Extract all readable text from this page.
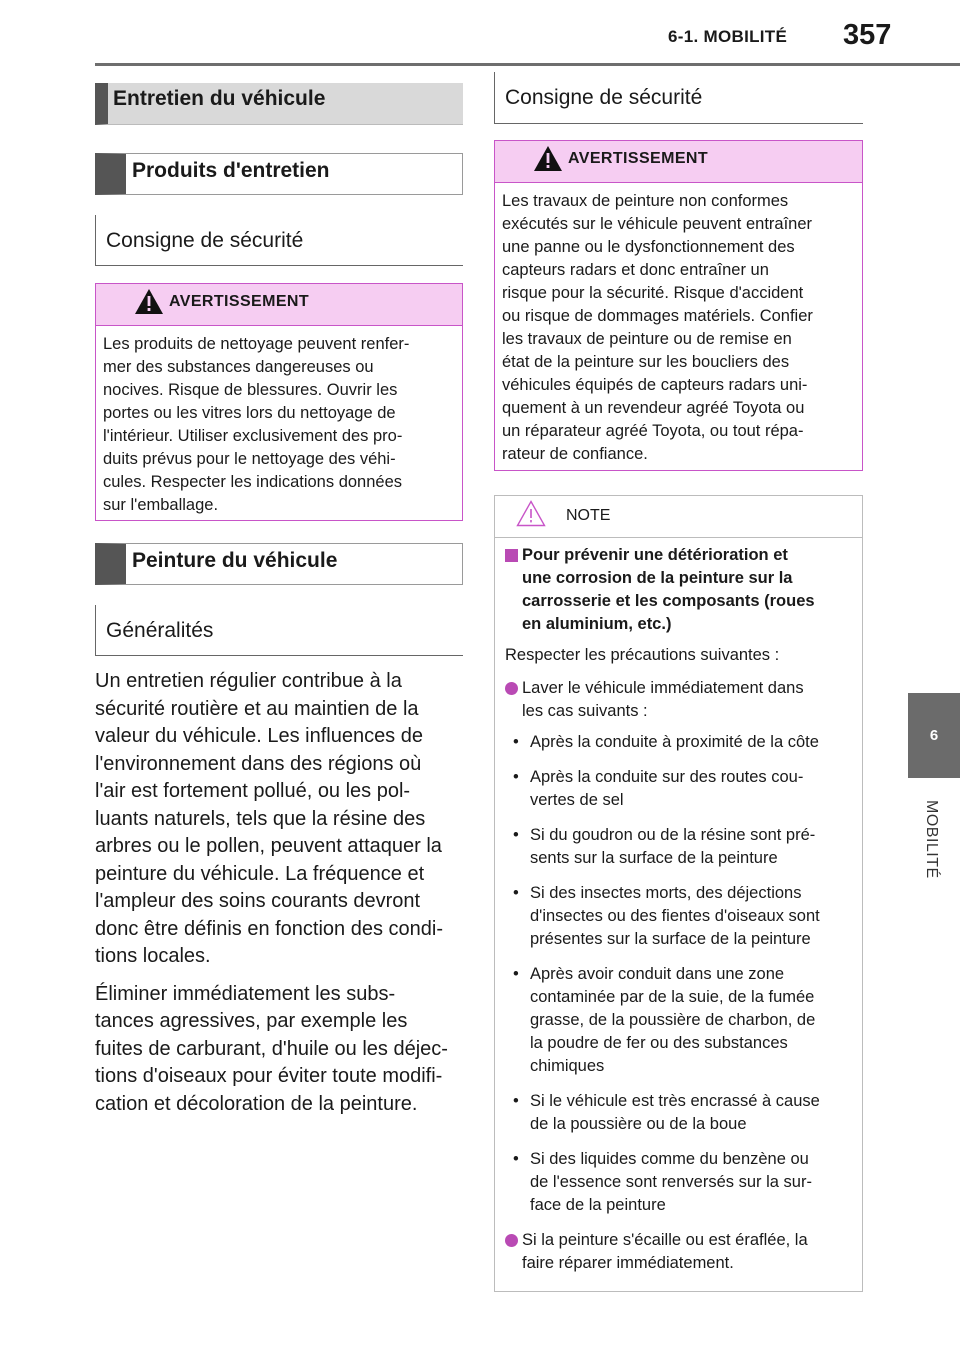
6-1. MOBILITÉ 357
6
MOBILITÉ
Entretien du véhicule
Produits d'entretien
Consigne de sécurité
AVERTISSEMENT
Les produits de nettoyage peuvent renfer-
mer des substances dangereuses ou
nocives. Risque de blessures. Ouvrir les
portes ou les vitres lors du nettoyage de
l'intérieur. Utiliser exclusivement des pro-
duits prévus pour le nettoyage des véhi-
cules. Respecter les indications données
sur l'emballage.
Peinture du véhicule
Généralités

Un entretien régulier contribue à la
sécurité routière et au maintien de la
valeur du véhicule. Les influences de
l'environnement dans des régions où
l'air est fortement pollué, ou les pol-
luants naturels, tels que la résine des
arbres ou le pollen, peuvent attaquer la
peinture du véhicule. La fréquence et
l'ampleur des soins courants devront
donc être définis en fonction des condi-
tions locales.

Éliminer immédiatement les subs-
tances agressives, par exemple les
fuites de carburant, d'huile ou les déjec-
tions d'oiseaux pour éviter toute modifi-
cation et décoloration de la peinture.

Consigne de sécurité
AVERTISSEMENT
Les travaux de peinture non conformes
exécutés sur le véhicule peuvent entraîner
une panne ou le dysfonctionnement des
capteurs radars et donc entraîner un
risque pour la sécurité. Risque d'accident
ou risque de dommages matériels. Confier
les travaux de peinture ou de remise en
état de la peinture sur les boucliers des
véhicules équipés de capteurs radars uni-
quement à un revendeur agréé Toyota ou
un réparateur agréé Toyota, ou tout répa-
rateur de confiance.
NOTE
Pour prévenir une détérioration et
une corrosion de la peinture sur la
carrosserie et les composants (roues
en aluminium, etc.)
Respecter les précautions suivantes :
Laver le véhicule immédiatement dans
les cas suivants :
• Après la conduite à proximité de la côte
• Après la conduite sur des routes cou-
vertes de sel
• Si du goudron ou de la résine sont pré-
sents sur la surface de la peinture
• Si des insectes morts, des déjections
d'insectes ou des fientes d'oiseaux sont
présentes sur la surface de la peinture
• Après avoir conduit dans une zone
contaminée par de la suie, de la fumée
grasse, de la poussière de charbon, de
la poudre de fer ou des substances
chimiques
• Si le véhicule est très encrassé à cause
de la poussière ou de la boue
• Si des liquides comme du benzène ou
de l'essence sont renversés sur la sur-
face de la peinture
Si la peinture s'écaille ou est éraflée, la
faire réparer immédiatement.
